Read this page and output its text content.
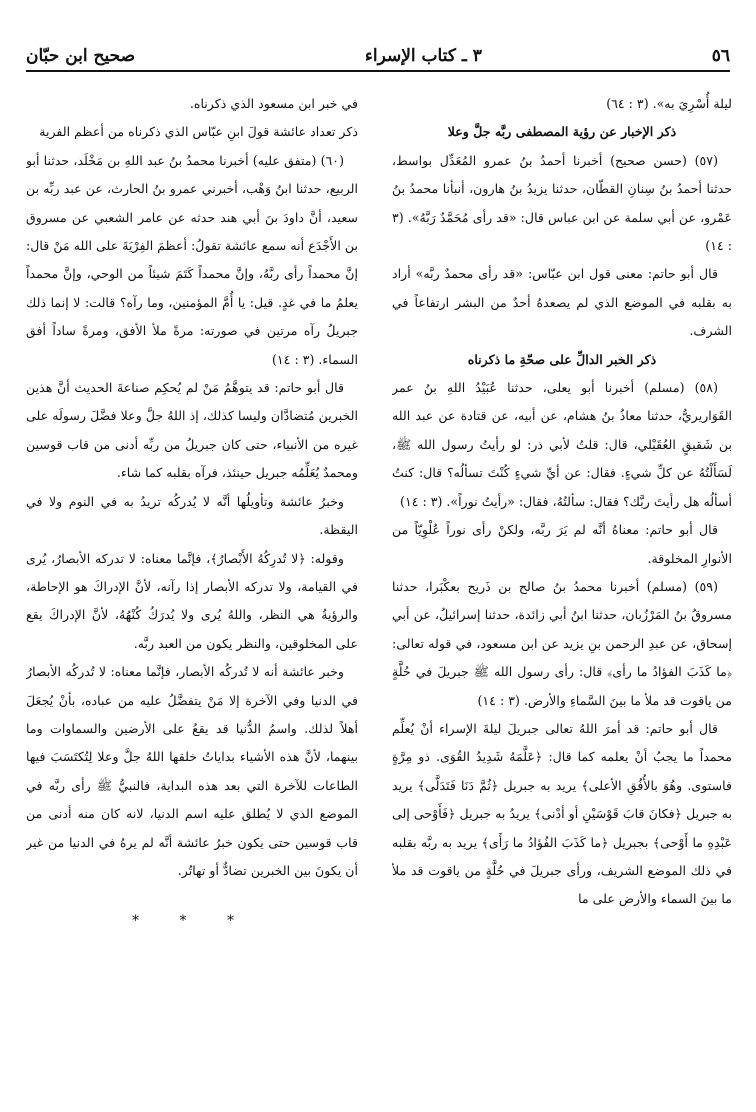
٥٦
٣ ـ كتاب الإسراء
صحيح ابن حبّان

ليلة أُسْرِيَ به». (٣ : ٦٤)

ذكر الإخبار عن رؤية المصطفى ربَّه جلَّ وعلا

(٥٧) (حسن صحيح) أخبرنا أحمدُ بنُ عمرو المُعَدِّل بواسط، حدثنا أحمدُ بنُ سِنانِ القطّان، حدثنا يزيدُ بنُ هارون، أنبأنا محمدُ بنُ عَمْرو، عن أبي سلمة عن ابن عباس قال: «قد رأى مُحَمَّدٌ رَبَّهُ». (٣ : ١٤)

قال أبو حاتم: معنى قول ابن عبّاس: «قد رأى محمدٌ ربَّه» أراد به بقلبه في الموضع الذي لم يصعدهُ أحدٌ من البشر ارتفاعاً في الشرف.

ذكر الخبر الدالِّ على صحّةِ ما ذكرناه

(٥٨) (مسلم) أخبرنا أبو يعلى، حدثنا عُبَيْدُ اللهِ بنُ عمر القَوَاريريُّ، حدثنا معاذُ بنُ هشام، عن أبيه، عن قتادة عن عبد الله بن شَقيقٍ العُقَيْلي، قال: قلتُ لأبي ذر: لو رأيتُ رسول الله ﷺ، لَسَأَلْتُهُ عن كلِّ شيءٍ. فقال: عن أيِّ شيءٍ كُنْتَ تسألُه؟ قال: كنتُ أسألُه هل رأيتَ ربَّك؟ فقال: سألتُهُ، فقال: «رأيتُ نوراً». (٣ : ١٤)

قال أبو حاتم: معناهُ أنَّه لم يَرَ ربَّه، ولكنْ رأى نوراً عُلْوِيّاً من الأنوارِ المخلوقة.

(٥٩) (مسلم) أخبرنا محمدُ بنُ صالح بن ذَريح بعكْبَرا، حدثنا مسروقُ بنُ المَرْزُبان، حدثنا ابنُ أبي زائدة، حدثنا إسرائيلُ، عن أبي إسحاق، عن عبدِ الرحمن بنِ يزيد عن ابن مسعود، في قوله تعالى: ﴿ما كَذَبَ الفؤادُ ما رأى﴾ قال: رأى رسول الله ﷺ جبريلَ في حُلَّةٍ من ياقوت قد ملأ ما بينَ السَّماءِ والأرض. (٣ : ١٤)

قال أبو حاتم: قد أمرَ اللهُ تعالى جبريلَ ليلةَ الإسراء أنْ يُعلِّم محمداً ما يجبُ أنْ يعلمه كما قال: ﴿عَلَّمَهُ شَدِيدُ القُوَى. ذو مِرَّةٍ فاستوى. وهُوَ بالأُفُقِ الأعلى﴾ يريد به جبريل ﴿ثُمَّ دَنَا فَتَدَلَّى﴾ يريد به جبريل ﴿فكانَ قابَ قَوْسَيْنِ أو أدْنى﴾ يريدُ به جبريل ﴿فَأَوْحى إلى عَبْدِهِ ما أَوْحى﴾ بجبريل ﴿ما كَذَبَ الفُؤادُ ما رَأَى﴾ يريد به ربَّه بقلبه في ذلك الموضع الشريف، ورأى جبريلَ في حُلَّةٍ من ياقوت قد ملأ ما بينَ السماء والأرض على ما

في خبر ابن مسعود الذي ذكرناه.

ذكر تعداد عائشة قولَ ابنِ عبّاس الذي ذكرناه من أعظم الفرية

(٦٠) (متفق عليه) أخبرنا محمدُ بنُ عبد اللهِ بن مَخْلَد، حدثنا أبو الربيع، حدثنا ابنُ وَهْب، أخبرني عمرو بنُ الحارث، عن عبد ربِّه بن سعيد، أنَّ داودَ بنَ أبي هند حدثه عن عامر الشعبي عن مسروق بن الأَجْدَع أنه سمع عائشة تقولُ: أعظمَ الفِرْيَةَ على الله مَنْ قال: إنَّ محمداً رأى ربَّهُ، وإنَّ محمداً كَتَمَ شيئاً من الوحي، وإنَّ محمداً يعلمُ ما في غدٍ. قيل: يا أُمَّ المؤمنين، وما رآه؟ قالت: لا إنما ذلك جبريلُ رآه مرتين في صورته: مرةً ملأ الأفق، ومرةً ساداً أفق السماء. (٣ : ١٤)

قال أبو حاتم: قد يتوهَّمُ مَنْ لم يُحكِم صناعةَ الحديث أنَّ هذين الخبرين مُتضادَّان وليسا كذلك، إذ اللهُ جلَّ وعلا فضَّلَ رسولَه على غيره من الأنبياء، حتى كان جبريلُ من ربِّه أدنى من قاب قوسين ومحمدٌ يُعَلِّمُه جبريل حينئذ، فرآه بقلبه كما شاء.

وخبرُ عائشة وتأويلُها أنَّه لا يُدركُه تريدُ به في النوم ولا في اليقظة.

وقوله: ﴿لا تُدرِكُهُ الأَبْصارُ﴾، فإنَّما معناه: لا تدركه الأبصارُ، يُرى في القيامة، ولا تدركه الأبصار إذا رآنه، لأنَّ الإدراكَ هو الإحاطة، والرؤيةُ هي النظر، واللهُ يُرى ولا يُدرَكُ كُنْهُهُ، لأنَّ الإدراكَ يقع على المخلوقين، والنظر يكون من العبد ربَّه.

وخبر عائشة أنه لا تُدركُه الأبصار، فإنَّما معناه: لا تُدركُه الأبصارُ في الدنيا وفي الآخرة إلا مَنْ يتفضَّلُ عليه من عباده، بأنْ يُجعَلَ أهلاً لذلك. واسمُ الدُّنيا قد يقعُ على الأرضين والسماوات وما بينهما، لأنَّ هذه الأشياء بداياتُ خلقها اللهُ جلَّ وعلا لِتُكتَسَبَ فيها الطاعات للآخرة التي بعد هذه البداية، فالنبيُّ ﷺ رأى ربَّه في الموضع الذي لا يُطلق عليه اسم الدنيا، لانه كان منه أدنى من قاب قوسين حتى يكون خبرُ عائشة أنَّه لم يرهُ في الدنيا من غير أن يكونَ بين الخبرين تضادٌّ أو تهاتُر.

* * *
